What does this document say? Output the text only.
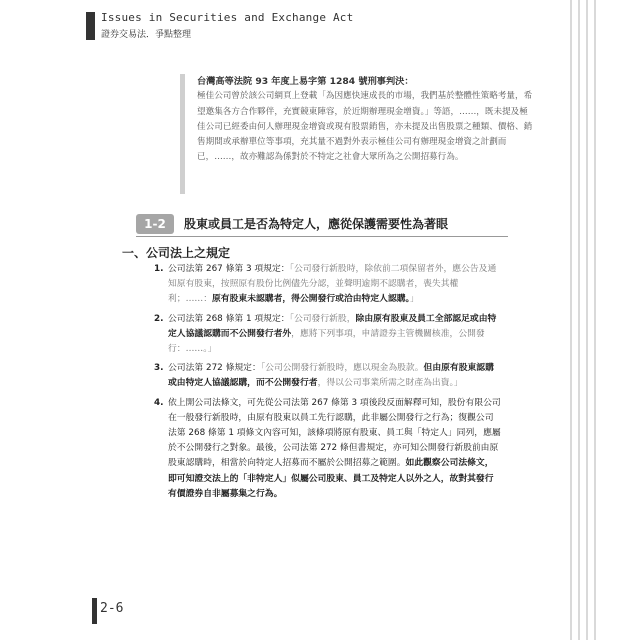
Issues in Securities and Exchange Act
證券交易法．爭點整理
台灣高等法院 93 年度上易字第 1284 號刑事判決：
極佳公司曾於該公司網頁上登載「為因應快速成長的市場，我們基於整體性策略考量，希望邀集各方合作夥伴，充實競東陣容，於近期辦理現金增資。」等語，……，既未提及極佳公司已經委由何人辦理現金增資或現有股票銷售，亦未提及出售股票之種類、價格、銷售期間或承辦單位等事項，充其量不過對外表示極佳公司有辦理現金增資之計劃而已，……，故亦難認為係對於不特定之社會大眾所為之公開招募行為。
1-2	股東或員工是否為特定人，應從保護需要性為著眼
一、公司法上之規定
1. 公司法第 267 條第 3 項規定：「公司發行新股時，除依前二項保留者外，應公告及通知原有股東，按照原有股份比例儘先分認，並聲明逾期不認購者，喪失其權利；……：原有股東未認購者，得公開發行或洽由特定人認購。」
2. 公司法第 268 條第 1 項規定：「公司發行新股，除由原有股東及員工全部認足或由特定人協議認購而不公開發行者外，應將下列事項，申請證券主管機關核准，公開發行：……。」
3. 公司法第 272 條規定：「公司公開發行新股時，應以現金為股款。但由原有股東認購或由特定人協議認購，而不公開發行者，得以公司事業所需之財產為出資。」
4. 依上開公司法條文，可先從公司法第 267 條第 3 項後段反面解釋可知，股份有限公司在一般發行新股時，由原有股東以員工先行認購，此非屬公開發行之行為；復觀公司法第 268 條第 1 項條文內容可知，該條項將原有股東、員工與「特定人」同列，應屬於不公開發行之對象。最後，公司法第 272 條但書規定，亦可知公開發行新股前由原股東認購時，相當於向特定人招募而不屬於公開招募之範圍。如此觀察公司法條文，即可知證交法上的「非特定人」似屬公司股東、員工及特定人以外之人，故對其發行有價證券自非屬募集之行為。
2-6
